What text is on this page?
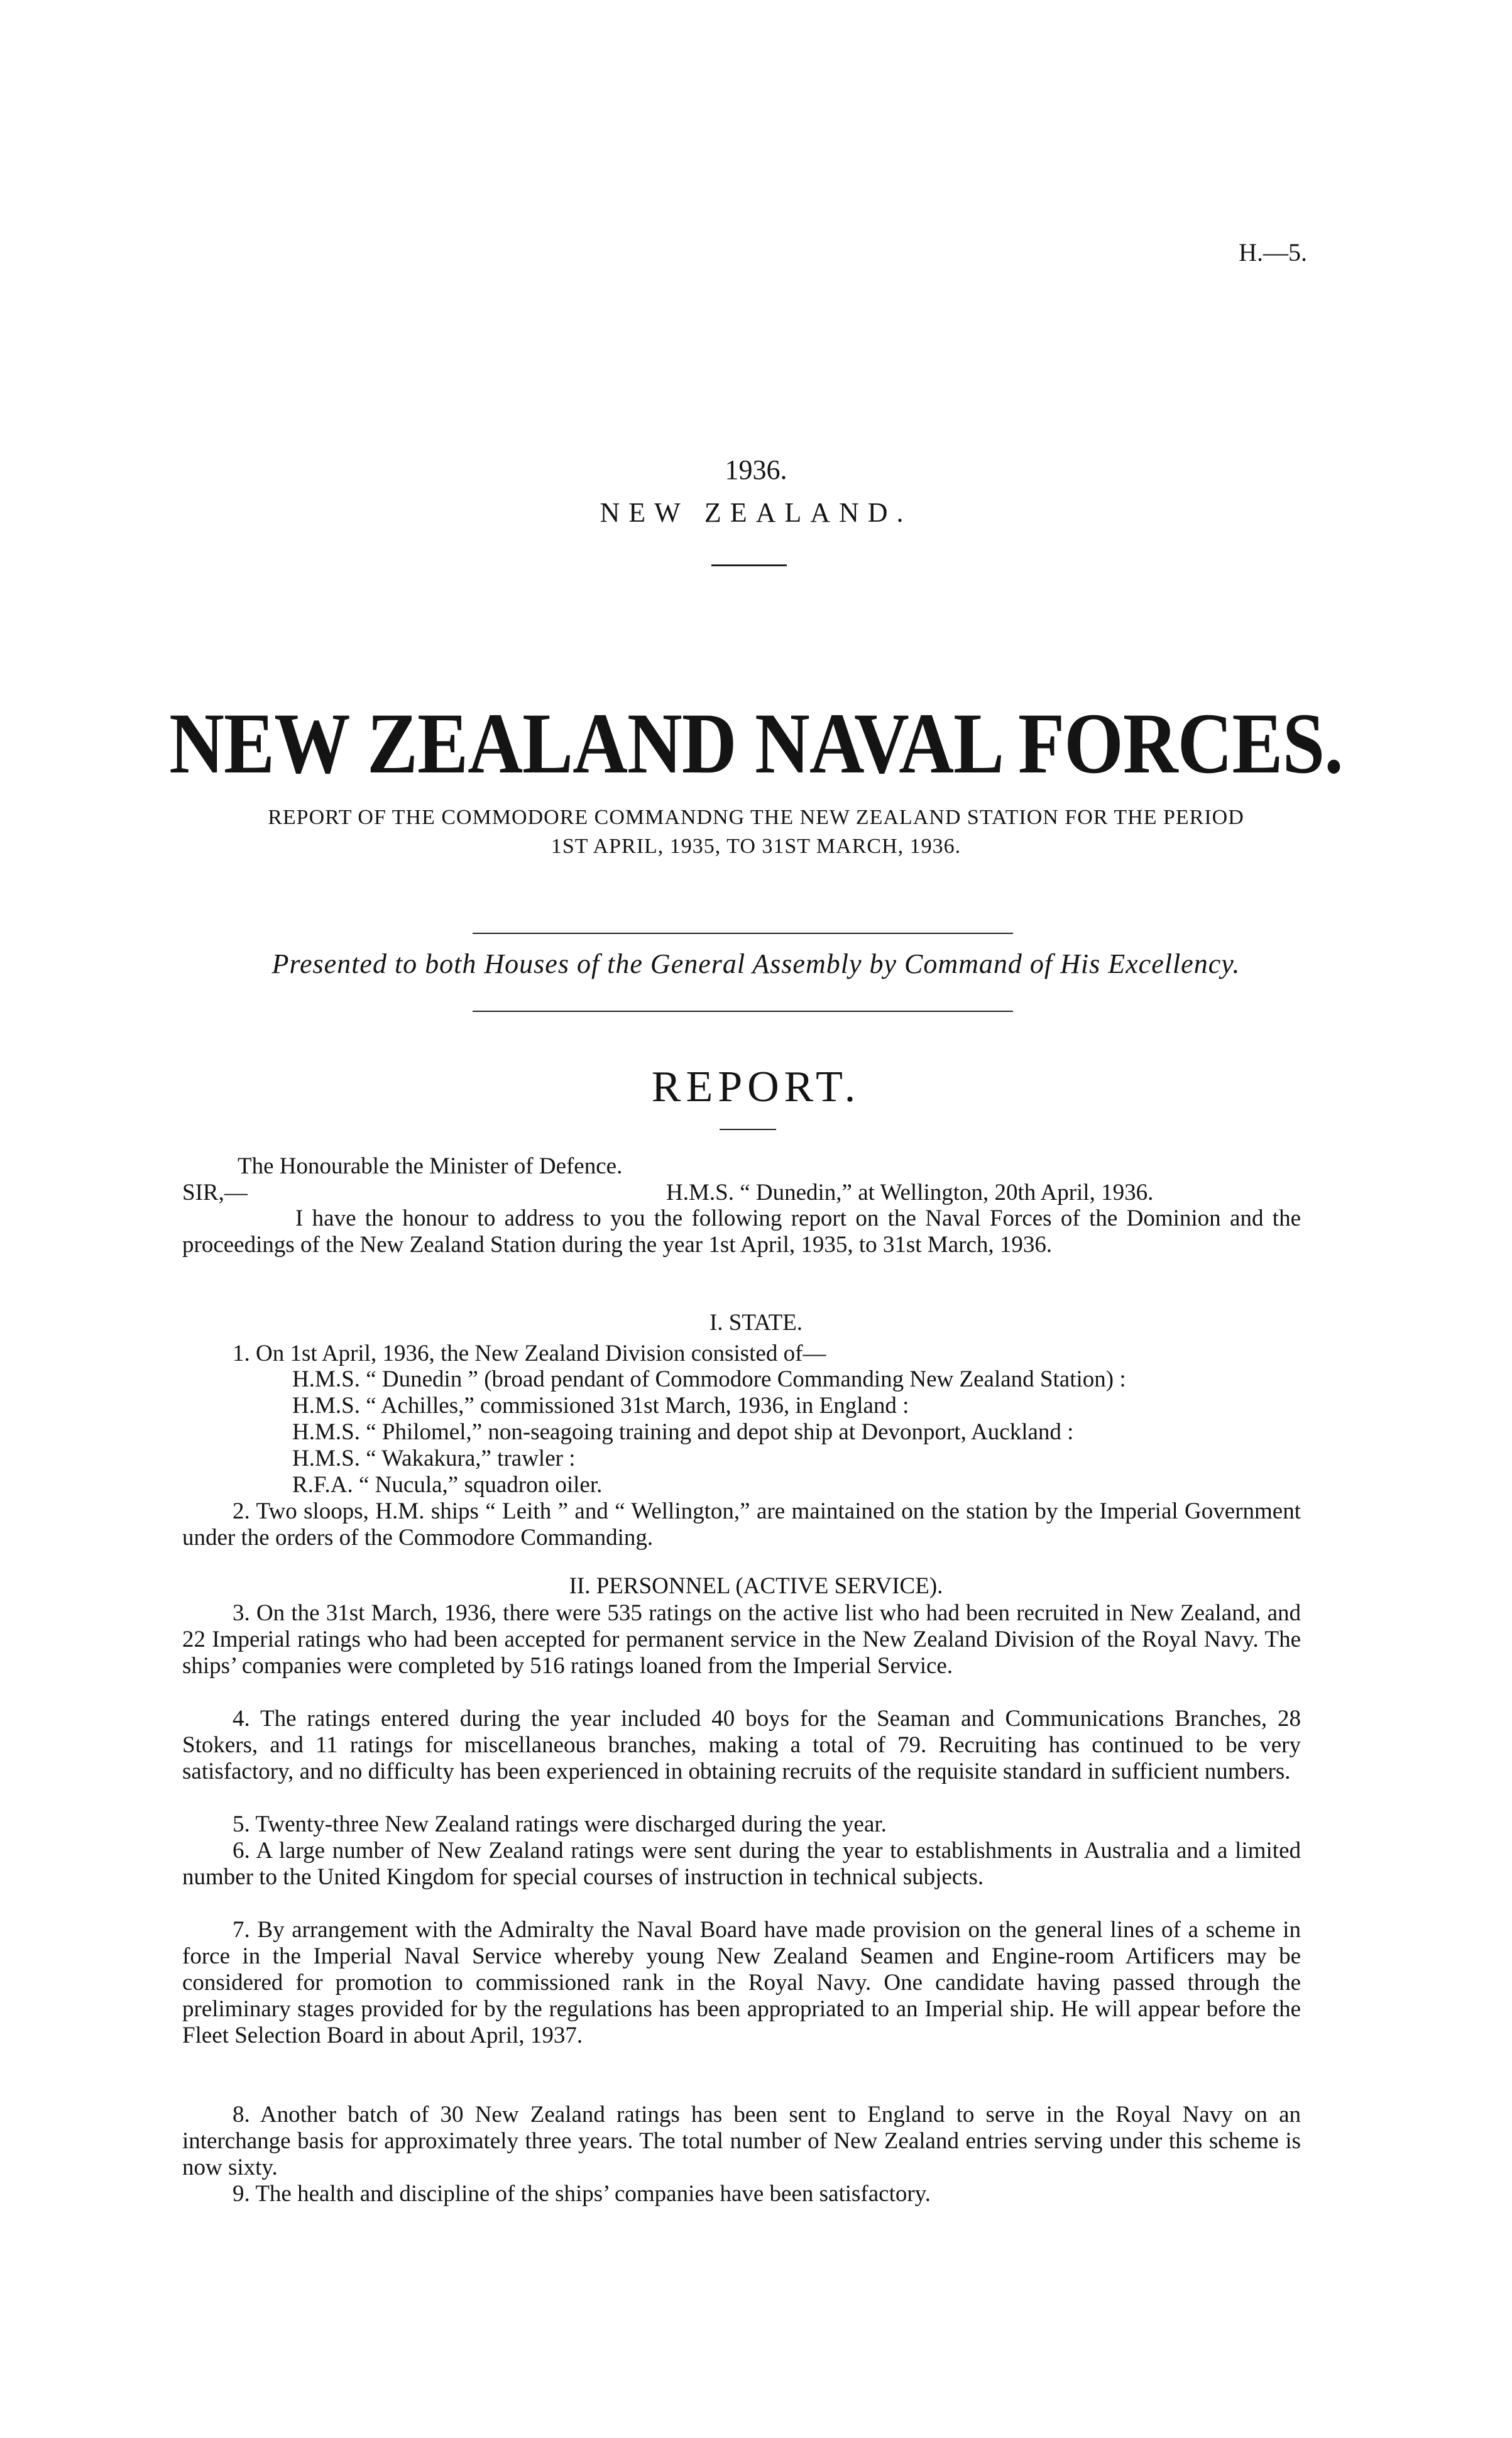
H.—5.
1936.
NEW ZEALAND.
NEW ZEALAND NAVAL FORCES.
REPORT OF THE COMMODORE COMMANDNG THE NEW ZEALAND STATION FOR THE PERIOD
1ST APRIL, 1935, TO 31ST MARCH, 1936.
Presented to both Houses of the General Assembly by Command of His Excellency.
REPORT.
The Honourable the Minister of Defence.
SIR,—	H.M.S. “ Dunedin,” at Wellington, 20th April, 1936.
I have the honour to address to you the following report on the Naval Forces of the Dominion and the proceedings of the New Zealand Station during the year 1st April, 1935, to 31st March, 1936.
I. STATE.
1. On 1st April, 1936, the New Zealand Division consisted of—
H.M.S. “ Dunedin ” (broad pendant of Commodore Commanding New Zealand Station) :
H.M.S. “ Achilles,” commissioned 31st March, 1936, in England :
H.M.S. “ Philomel,” non-seagoing training and depot ship at Devonport, Auckland :
H.M.S. “ Wakakura,” trawler :
R.F.A. “ Nucula,” squadron oiler.
2. Two sloops, H.M. ships “ Leith ” and “ Wellington,” are maintained on the station by the Imperial Government under the orders of the Commodore Commanding.
II. PERSONNEL (ACTIVE SERVICE).
3. On the 31st March, 1936, there were 535 ratings on the active list who had been recruited in New Zealand, and 22 Imperial ratings who had been accepted for permanent service in the New Zealand Division of the Royal Navy. The ships’ companies were completed by 516 ratings loaned from the Imperial Service.
4. The ratings entered during the year included 40 boys for the Seaman and Communications Branches, 28 Stokers, and 11 ratings for miscellaneous branches, making a total of 79. Recruiting has continued to be very satisfactory, and no difficulty has been experienced in obtaining recruits of the requisite standard in sufficient numbers.
5. Twenty-three New Zealand ratings were discharged during the year.
6. A large number of New Zealand ratings were sent during the year to establishments in Australia and a limited number to the United Kingdom for special courses of instruction in technical subjects.
7. By arrangement with the Admiralty the Naval Board have made provision on the general lines of a scheme in force in the Imperial Naval Service whereby young New Zealand Seamen and Engine-room Artificers may be considered for promotion to commissioned rank in the Royal Navy. One candidate having passed through the preliminary stages provided for by the regulations has been appropriated to an Imperial ship. He will appear before the Fleet Selection Board in about April, 1937.
8. Another batch of 30 New Zealand ratings has been sent to England to serve in the Royal Navy on an interchange basis for approximately three years. The total number of New Zealand entries serving under this scheme is now sixty.
9. The health and discipline of the ships’ companies have been satisfactory.
